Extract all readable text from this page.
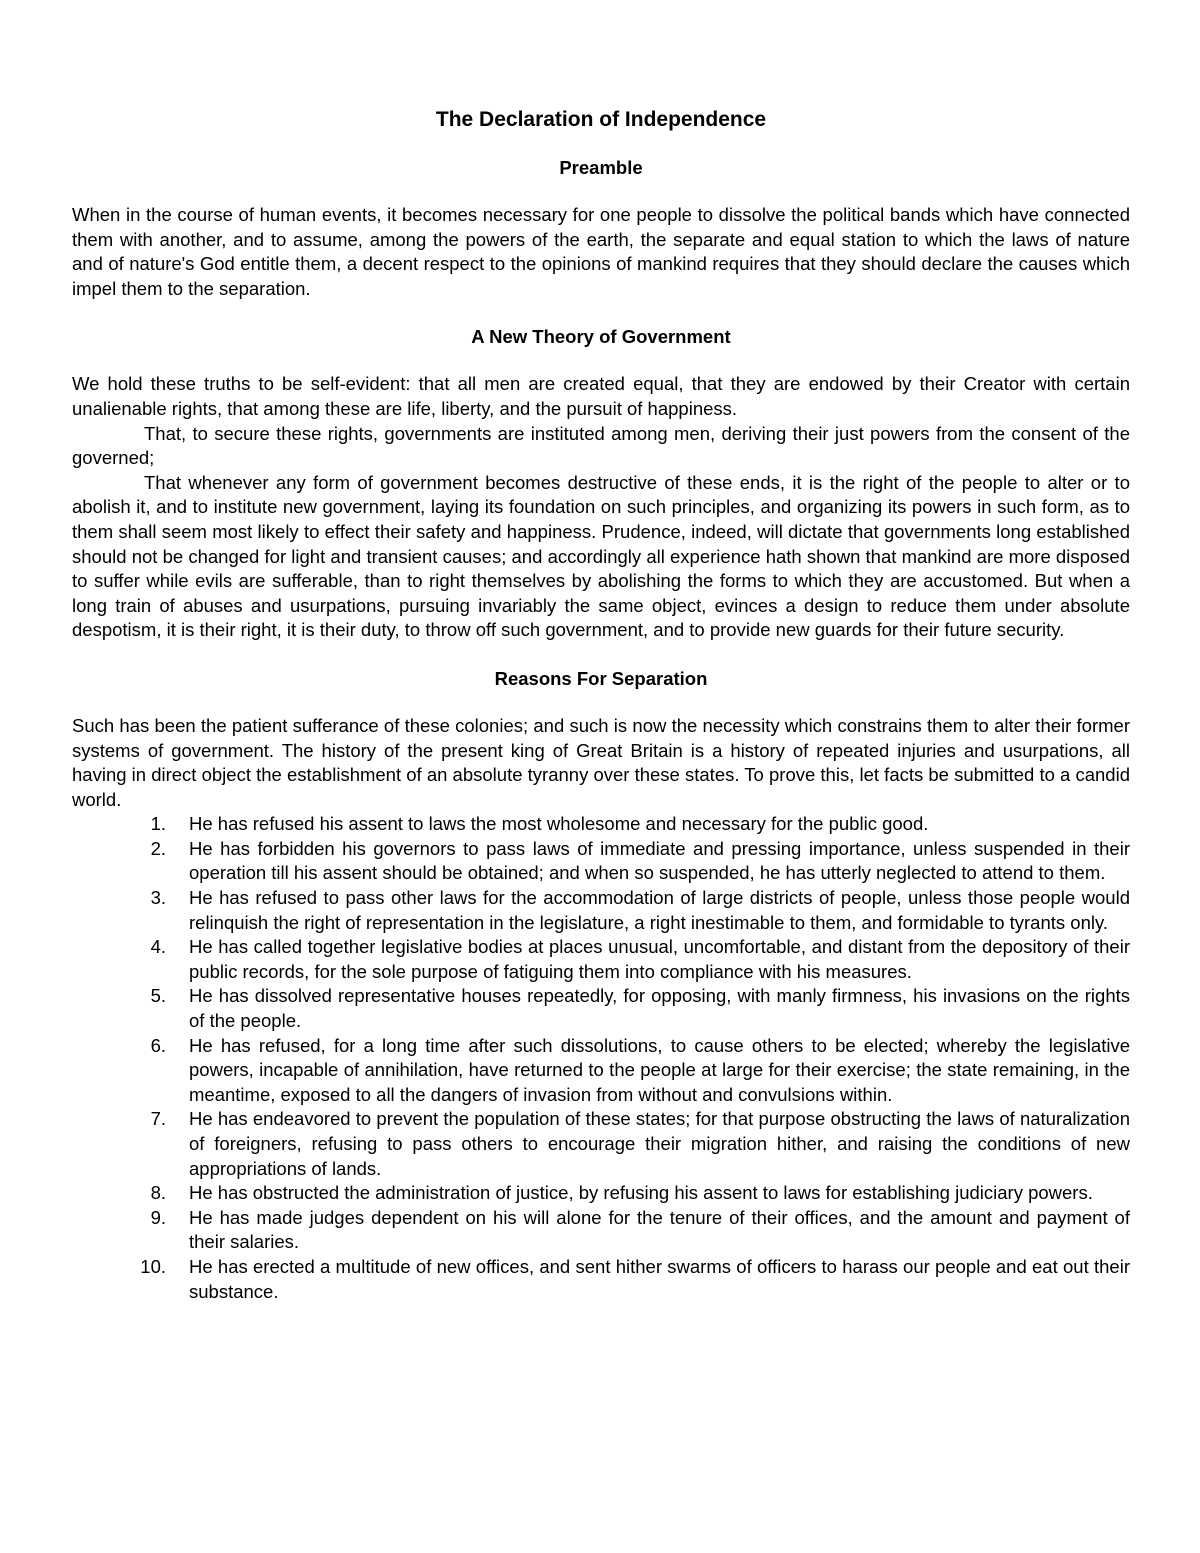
The Declaration of Independence
Preamble

When in the course of human events, it becomes necessary for one people to dissolve the political bands which have connected them with another, and to assume, among the powers of the earth, the separate and equal station to which the laws of nature and of nature's God entitle them, a decent respect to the opinions of mankind requires that they should declare the causes which impel them to the separation.

A New Theory of Government

We hold these truths to be self-evident: that all men are created equal, that they are endowed by their Creator with certain unalienable rights, that among these are life, liberty, and the pursuit of happiness.

That, to secure these rights, governments are instituted among men, deriving their just powers from the consent of the governed;

That whenever any form of government becomes destructive of these ends, it is the right of the people to alter or to abolish it, and to institute new government, laying its foundation on such principles, and organizing its powers in such form, as to them shall seem most likely to effect their safety and happiness. Prudence, indeed, will dictate that governments long established should not be changed for light and transient causes; and accordingly all experience hath shown that mankind are more disposed to suffer while evils are sufferable, than to right themselves by abolishing the forms to which they are accustomed. But when a long train of abuses and usurpations, pursuing invariably the same object, evinces a design to reduce them under absolute despotism, it is their right, it is their duty, to throw off such government, and to provide new guards for their future security.

Reasons For Separation

Such has been the patient sufferance of these colonies; and such is now the necessity which constrains them to alter their former systems of government. The history of the present king of Great Britain is a history of repeated injuries and usurpations, all having in direct object the establishment of an absolute tyranny over these states. To prove this, let facts be submitted to a candid world.

1. He has refused his assent to laws the most wholesome and necessary for the public good.
2. He has forbidden his governors to pass laws of immediate and pressing importance, unless suspended in their operation till his assent should be obtained; and when so suspended, he has utterly neglected to attend to them.
3. He has refused to pass other laws for the accommodation of large districts of people, unless those people would relinquish the right of representation in the legislature, a right inestimable to them, and formidable to tyrants only.
4. He has called together legislative bodies at places unusual, uncomfortable, and distant from the depository of their public records, for the sole purpose of fatiguing them into compliance with his measures.
5. He has dissolved representative houses repeatedly, for opposing, with manly firmness, his invasions on the rights of the people.
6. He has refused, for a long time after such dissolutions, to cause others to be elected; whereby the legislative powers, incapable of annihilation, have returned to the people at large for their exercise; the state remaining, in the meantime, exposed to all the dangers of invasion from without and convulsions within.
7. He has endeavored to prevent the population of these states; for that purpose obstructing the laws of naturalization of foreigners, refusing to pass others to encourage their migration hither, and raising the conditions of new appropriations of lands.
8. He has obstructed the administration of justice, by refusing his assent to laws for establishing judiciary powers.
9. He has made judges dependent on his will alone for the tenure of their offices, and the amount and payment of their salaries.
10. He has erected a multitude of new offices, and sent hither swarms of officers to harass our people and eat out their substance.
